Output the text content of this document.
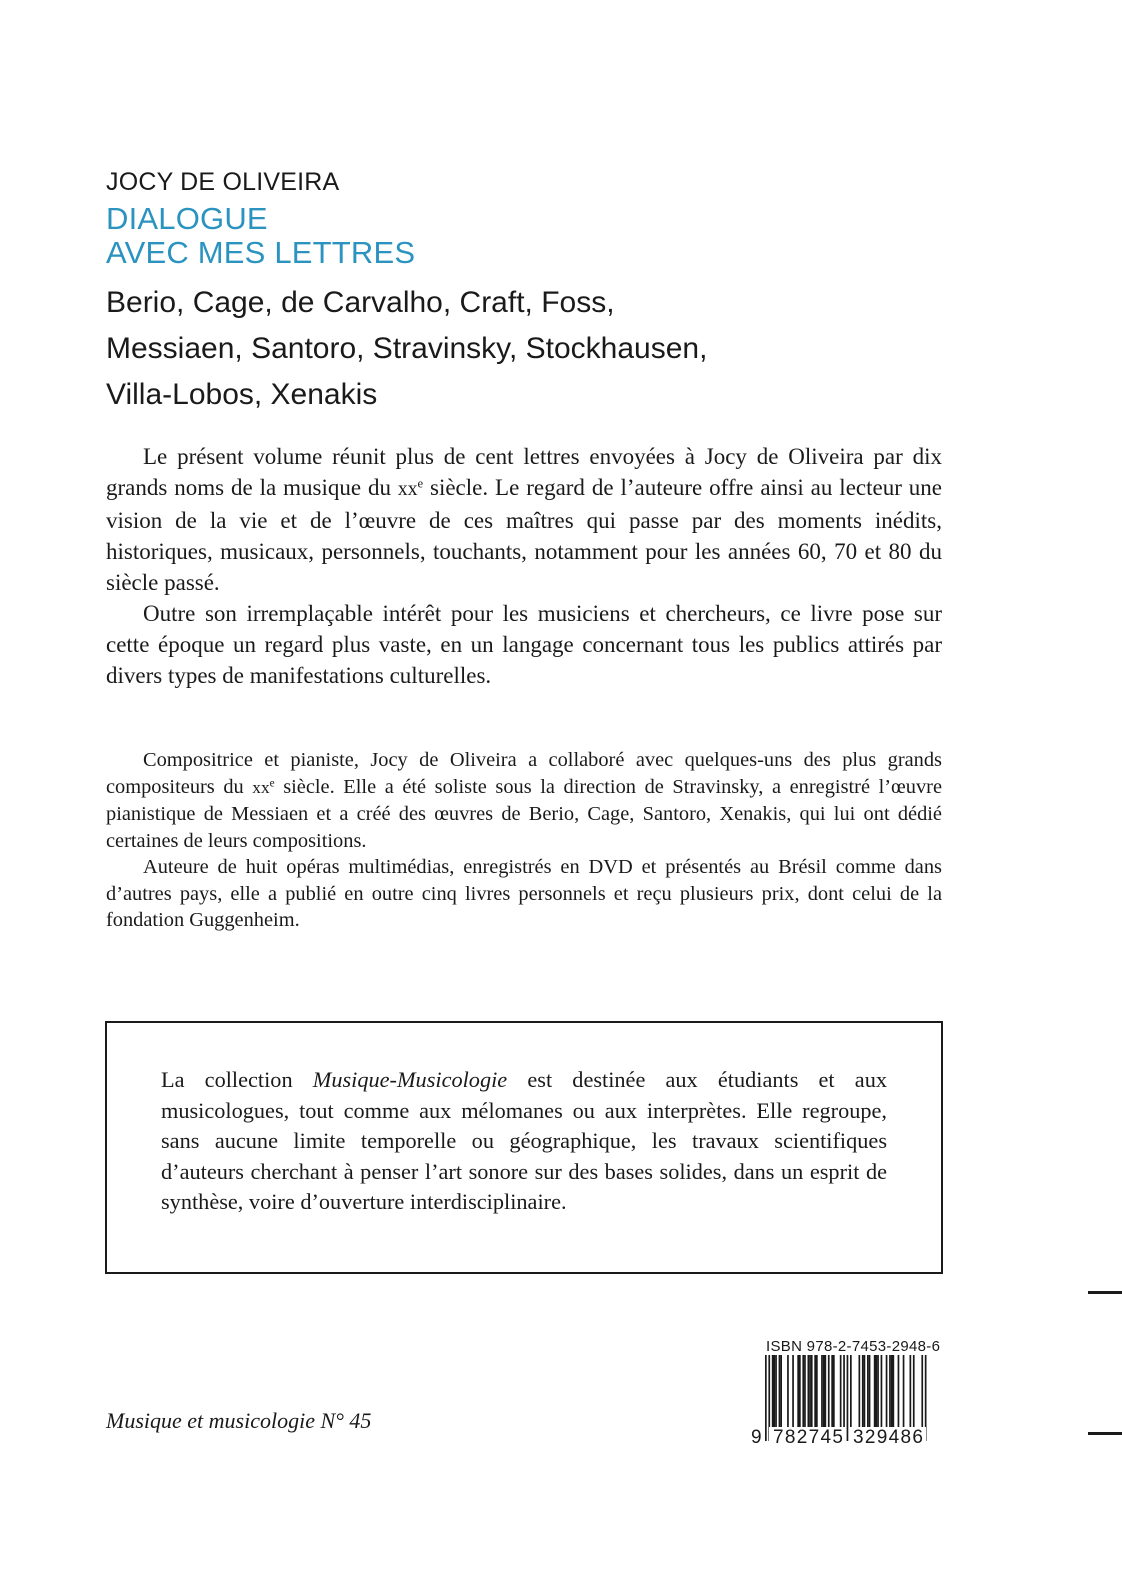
JOCY DE OLIVEIRA
DIALOGUE
AVEC MES LETTRES
Berio, Cage, de Carvalho, Craft, Foss,
Messiaen, Santoro, Stravinsky, Stockhausen,
Villa-Lobos, Xenakis

Le présent volume réunit plus de cent lettres envoyées à Jocy de Oliveira par dix grands noms de la musique du $xx^e$ siècle. Le regard de l’auteure offre ainsi au lecteur une vision de la vie et de l’œuvre de ces maîtres qui passe par des moments inédits, historiques, musicaux, personnels, touchants, notamment pour les années 60, 70 et 80 du siècle passé.

Outre son irremplaçable intérêt pour les musiciens et chercheurs, ce livre pose sur cette époque un regard plus vaste, en un langage concernant tous les publics attirés par divers types de manifestations culturelles.

Compositrice et pianiste, Jocy de Oliveira a collaboré avec quelques-uns des plus grands compositeurs du $xx^e$ siècle. Elle a été soliste sous la direction de Stravinsky, a enregistré l’œuvre pianistique de Messiaen et a créé des œuvres de Berio, Cage, Santoro, Xenakis, qui lui ont dédié certaines de leurs compositions.

Auteure de huit opéras multimédias, enregistrés en DVD et présentés au Brésil comme dans d’autres pays, elle a publié en outre cinq livres personnels et reçu plusieurs prix, dont celui de la fondation Guggenheim.

La collection Musique-Musicologie est destinée aux étudiants et aux musicologues, tout comme aux mélomanes ou aux interprètes. Elle regroupe, sans aucune limite temporelle ou géographique, les travaux scientifiques d’auteurs cherchant à penser l’art sonore sur des bases solides, dans un esprit de synthèse, voire d’ouverture interdisciplinaire.

Musique et musicologie N° 45
ISBN 978-2-7453-2948-6
9 782745 329486
